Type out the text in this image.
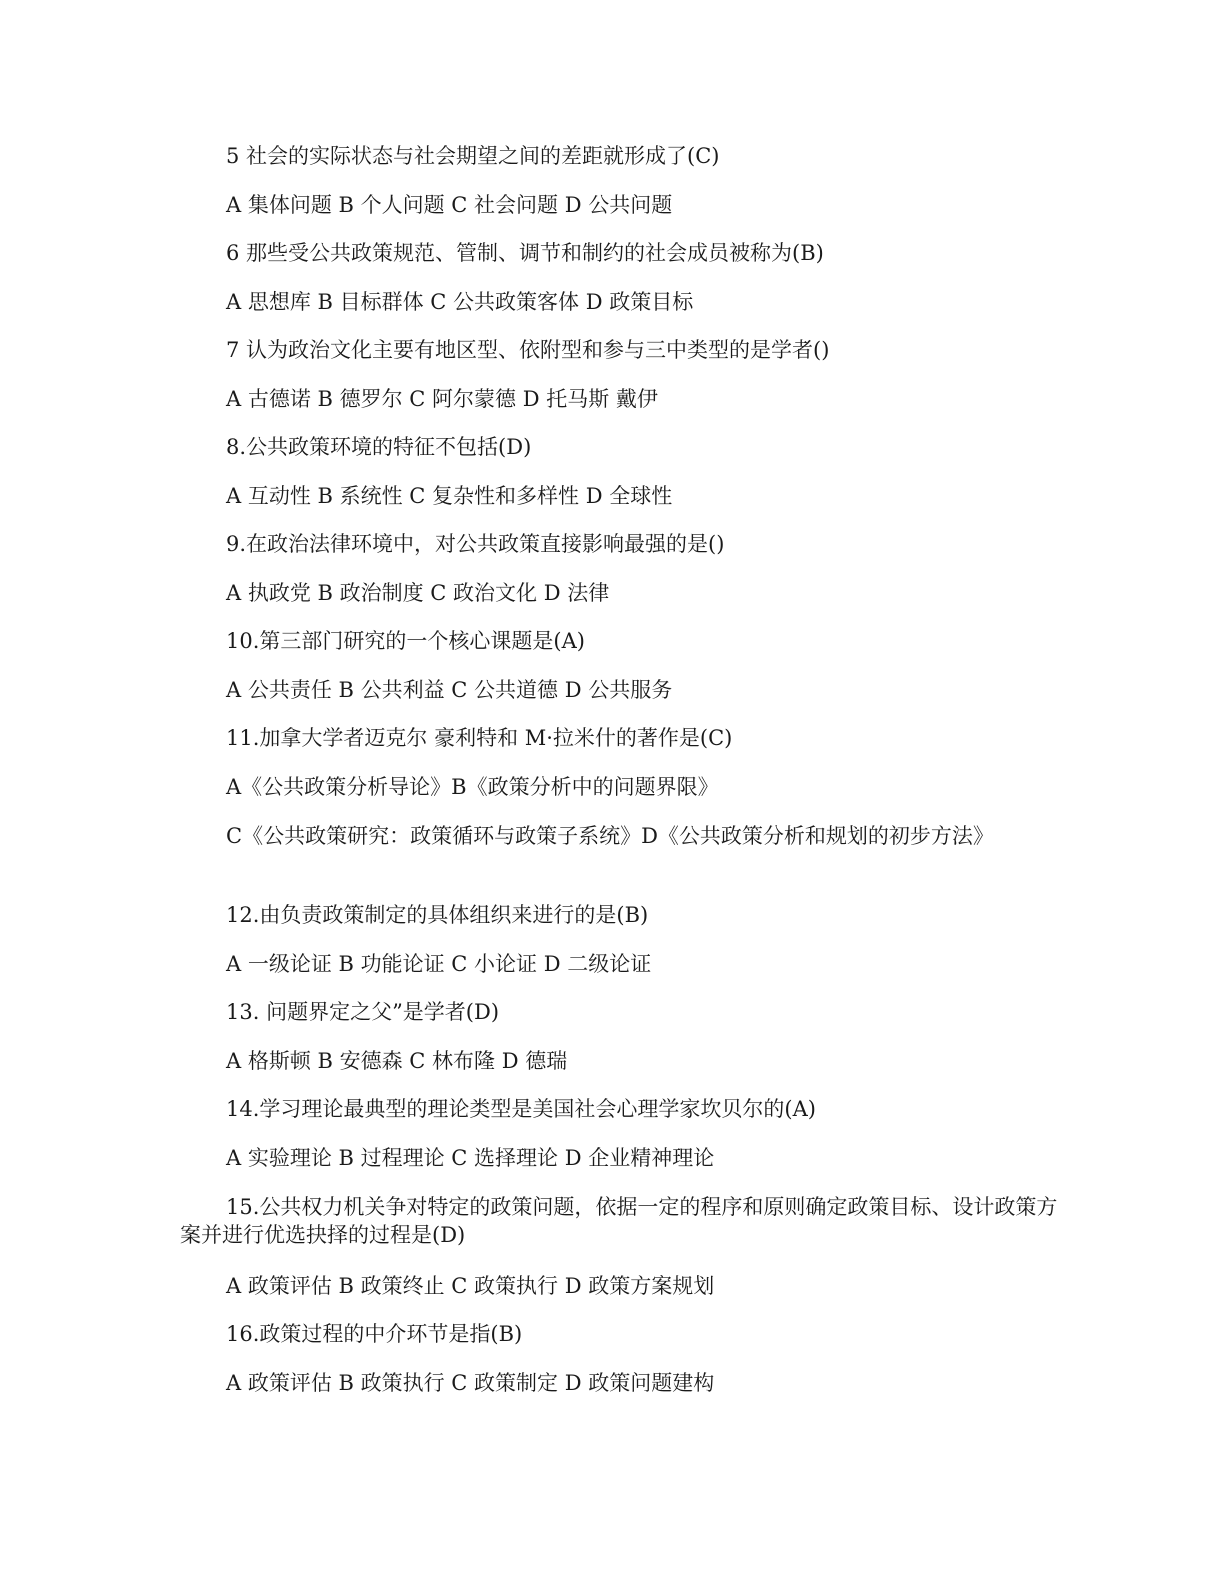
5 社会的实际状态与社会期望之间的差距就形成了(C)

A 集体问题 B 个人问题 C 社会问题 D 公共问题

6 那些受公共政策规范、管制、调节和制约的社会成员被称为(B)

A 思想库 B 目标群体 C 公共政策客体 D 政策目标

7 认为政治文化主要有地区型、依附型和参与三中类型的是学者()

A 古德诺 B 德罗尔 C 阿尔蒙德 D 托马斯 戴伊

8.公共政策环境的特征不包括(D)

A 互动性 B 系统性 C 复杂性和多样性 D 全球性

9.在政治法律环境中，对公共政策直接影响最强的是()

A 执政党 B 政治制度 C 政治文化 D 法律

10.第三部门研究的一个核心课题是(A)

A 公共责任 B 公共利益 C 公共道德 D 公共服务

11.加拿大学者迈克尔 豪利特和 M·拉米什的著作是(C)

A《公共政策分析导论》B《政策分析中的问题界限》

C《公共政策研究：政策循环与政策子系统》D《公共政策分析和规划的初步方法》

12.由负责政策制定的具体组织来进行的是(B)

A 一级论证 B 功能论证 C 小论证 D 二级论证

13. 问题界定之父”是学者(D)

A 格斯顿 B 安德森 C 林布隆 D 德瑞

14.学习理论最典型的理论类型是美国社会心理学家坎贝尔的(A)

A 实验理论 B 过程理论 C 选择理论 D 企业精神理论

15.公共权力机关争对特定的政策问题，依据一定的程序和原则确定政策目标、设计政策方案并进行优选抉择的过程是(D)

A 政策评估 B 政策终止 C 政策执行 D 政策方案规划

16.政策过程的中介环节是指(B)

A 政策评估 B 政策执行 C 政策制定 D 政策问题建构
